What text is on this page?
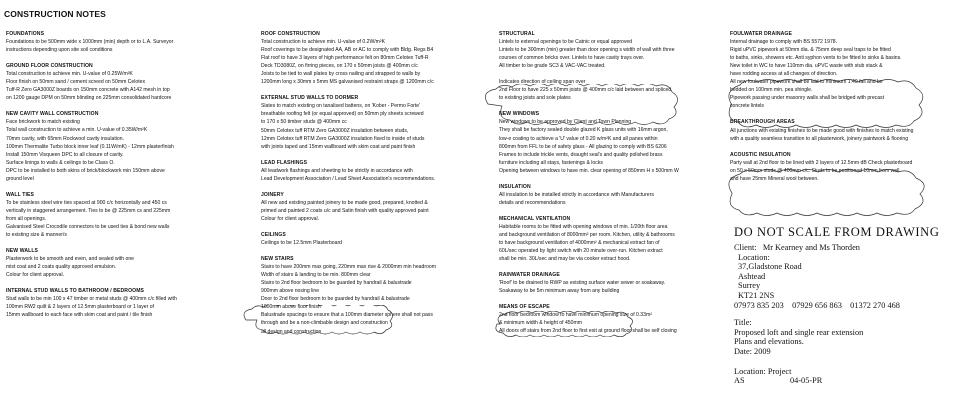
CONSTRUCTION NOTES
FOUNDATIONS
Foundations to be 500mm wide x 1000mm (min) depth or to L.A. Surveyor
instructions depending upon site soil conditions
GROUND FLOOR CONSTRUCTION
Total construction to achieve min. U-value of 0.25W/m²K
Floor finish on 50mm sand / cement screed on 50mm Celotex
Tuff-R Zero GA3000Z boards on 150mm concrete with A142 mesh in top
on 1200 gauge DPM on 50mm blinding on 225mm consolidated hardcore
NEW CAVITY WALL CONSTRUCTION
Face brickwork to match existing
Total wall construction to achieve a min. U-value of 0.35W/m²K
70mm cavity, with 65mm Rockwool cavity insulation.
100mm Thermalite Turbo block inner leaf (0.11W/mK) - 12mm plasterfinish
Install 150mm Visqueen DPC to all closure of cavity.
Surface linings to walls & ceilings to be Class O.
DPC to be installed to both skins of brick/blockwork min 150mm above
ground level
WALL TIES
To be stainless steel wire ties spaced at 900 c/c horizontally and 450 cs
vertically in staggered arrangement. Ties to be @ 225mm cs and 225mm
from all openings.
Galvanised Steel Crocodile connectors to be used ties & bond new walls
to existing size & manner/s
NEW WALLS
Plasterwork to be smooth and even, and sealed with one
mist coat and 2 coats quality approved emulsion.
Colour for client approval.
INTERNAL STUD WALLS TO BATHROOM / BEDROOMS
Stud walls to be min 100 x 47 timber or metal studs @ 400mm c/c filled with
100mm RW2 quilt & 2 layers of 12.5mm plasterboard or 1 layer of
15mm wallboard to each face with skim coat and paint / tile finish
ROOF CONSTRUCTION
Total construction to achieve min. U-value of 0.2W/m²K
Roof coverings to be designated AA, AB or AC to comply with Bldg. Regs B4
Flat roof to have 3 layers of high performance felt on 80mm Celotex Tuff-R
Deck TD3080Z, on firring pieces, on 170 x 50mm joists @ 400mm c/c
Joists to be tied to wall plates by cross nailing and strapped to walls by
1200mm long x 30mm x 5mm MS galvanised restraint straps @ 1200mm c/c
EXTERNAL STUD WALLS TO DORMER
Slates to match existing on tanalised battens, on 'Kober - Permo Forte'
breathable roofing felt (or equal approved) on 50mm ply sheets screwed
to 170 x 50 timber studs @ 400mm cc
50mm Celotex tuff RTM Zero GA3000Z insulation between studs,
12mm Celotex tuff RTM Zero GA3000Z insulation fixed to inside of studs
with joints taped and 15mm wallboard with skim coat and paint finish
LEAD FLASHINGS
All leadwork flashings and sheeting to be strictly in accordance with
Lead Development Association / Lead Sheet Association's recommendations.
JOINERY
All new and existing painted joinery to be made good, prepared, knotted &
primed and painted 2 coats u/c and Satin finish with quality approved paint
Colour for client approval.
CEILINGS
Ceilings to be 12.5mm Plasterboard
NEW STAIRS
Stairs to have 200mm max going, 220mm max rise & 2000mm min headroom
Width of stairs & landing to be min. 800mm clear
Stairs to 2nd floor bedroom to be guarded by handrail & balustrade
900mm above nosing line
Door to 2nd floor bedroom to be guarded by handrail & balustrade
1000mm above floor finish
Balustrade spacings to ensure that a 100mm diameter sphere shall not pass
through and be a non-climbable design and construction
all design and construction
STRUCTURAL
Lintels to external openings to be Catnic or equal approved
Lintels to be 300mm (min) greater than door opening s width of wall with three
courses of common bricks over. Lintels to have cavity trays over.
All timber to be grade SC3 & VAC-VAC treated.
Indicates direction of ceiling span over
2nd Floor to have 225 x 50mm joists @ 400mm c/c laid between and spliced
to existing joists and sole plates
NEW WINDOWS
New windows to be approved by Client and Town Planning
They shall be factory sealed double glazed K glass units with 16mm argon,
low-e coating to achieve a 'U' value of 0.20 w/m²K and all panes within
800mm from FFL to be of safety glass - All glazing to comply with BS 6206
Frames to include trickle vents, draught seal's and quality polished brass
furniture including all stays, fastenings & locks
Opening between windows to have min. clear opening of 850mm H x 500mm W
INSULATION
All insulation to be installed strictly in accordance with Manufacturers
details and recommendations
MECHANICAL VENTILATION
Habitable rooms to be fitted with opening windows of min. 1/20th floor area
and background ventilation of 8000mm² per room. Kitchen, utility & bathrooms
to have background ventilation of 4000mm² & mechanical extract fan of
60L/sec operated by light switch with 20 minute over-run. Kitchen extract
shall be min. 30L/sec and may be via cooker extract hood.
RAINWATER DRAINAGE
'Roof' to be drained to RWP as existing surface water sewer or soakaway.
Soakaway to be 5m minimum away from any building
MEANS OF ESCAPE
2nd floor bedroom window to have minimum opening size of 0.33m²
& minimum width & height of 450mm
All doors off stairs from 2nd floor to first exit at ground floor shall be self closing
FOULWATER DRAINAGE
Internal drainage to comply with BS 5572 1978.
Rigid uPVC pipework at 50mm dia. & 75mm deep seal traps to be fitted
to baths, sinks, showers etc. Anti syphon vents to be fitted to sinks & basins.
New toilet in WC to have 110mm dia. uPVC waste with stub stack &
have rodding access at all changes of direction.
All new foulwater pipework shall be laid to minimum 1:40 fall and be
bedded on 100mm min. pea shingle.
Pipework passing under masonry walls shall be bridged with precast
concrete lintels
BREAKTHROUGH AREAS
All junctions with existing finishes to be made good with finishes to match existing
with a quality seamless transition to all plasterwork, joinery paintwork & flooring
ACOUSTIC INSULATION
Party wall at 2nd floor to be lined with 2 layers of 12.5mm dB Check plasterboard
on 50 x 50mm studs @ 400mm c/c. Studs to be positioned 10mm from wall
and have 25mm Mineral wool between.
DO NOT SCALE FROM DRAWING
Client: Mr Kearney and Ms Thorden
Location:
37,Gladstone Road
Ashtead
Surrey
KT21 2NS
07973 835 203    07929 656 863    01372 270 468
Title:
Proposed loft and single rear extension
Plans and elevations.
Date: 2009
Location: Project
AS	04-05-PR
